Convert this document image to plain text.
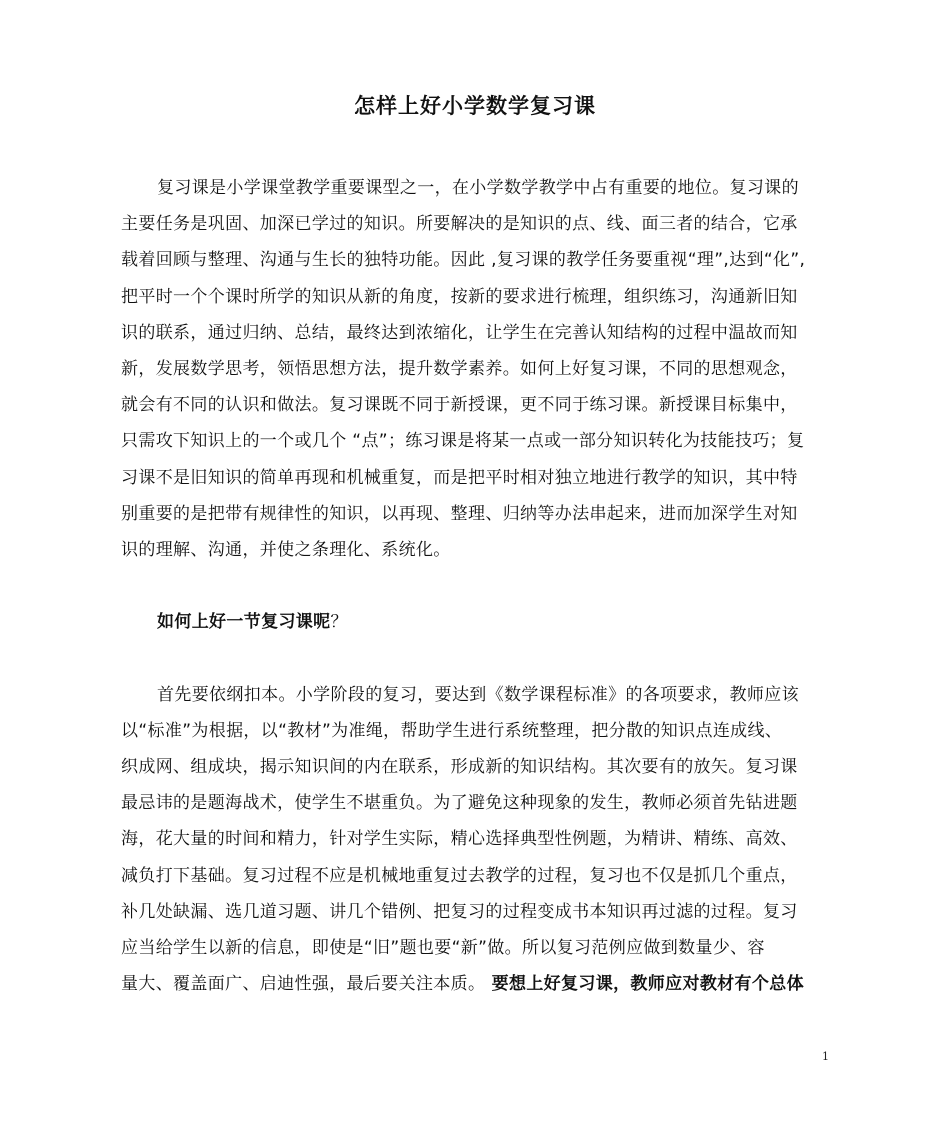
怎样上好小学数学复习课
复习课是小学课堂教学重要课型之一，在小学数学教学中占有重要的地位。复习课的
主要任务是巩固、加深已学过的知识。所要解决的是知识的点、线、面三者的结合，它承
载着回顾与整理、沟通与生长的独特功能。因此 ,复习课的教学任务要重视“理”,达到“化”,
把平时一个个课时所学的知识从新的角度，按新的要求进行梳理，组织练习，沟通新旧知
识的联系，通过归纳、总结，最终达到浓缩化，让学生在完善认知结构的过程中温故而知
新，发展数学思考，领悟思想方法，提升数学素养。如何上好复习课，不同的思想观念，
就会有不同的认识和做法。复习课既不同于新授课，更不同于练习课。新授课目标集中，
只需攻下知识上的一个或几个 “点”；练习课是将某一点或一部分知识转化为技能技巧；复
习课不是旧知识的简单再现和机械重复，而是把平时相对独立地进行教学的知识，其中特
别重要的是把带有规律性的知识，以再现、整理、归纳等办法串起来，进而加深学生对知
识的理解、沟通，并使之条理化、系统化。
如何上好一节复习课呢？
首先要依纲扣本。小学阶段的复习，要达到《数学课程标准》的各项要求，教师应该
以“标准”为根据，以“教材”为准绳，帮助学生进行系统整理，把分散的知识点连成线、
织成网、组成块，揭示知识间的内在联系，形成新的知识结构。其次要有的放矢。复习课
最忌讳的是题海战术，使学生不堪重负。为了避免这种现象的发生，教师必须首先钻进题
海，花大量的时间和精力，针对学生实际，精心选择典型性例题，为精讲、精练、高效、
减负打下基础。复习过程不应是机械地重复过去教学的过程，复习也不仅是抓几个重点，
补几处缺漏、选几道习题、讲几个错例、把复习的过程变成书本知识再过滤的过程。复习
应当给学生以新的信息，即使是“旧”题也要“新”做。所以复习范例应做到数量少、容
量大、覆盖面广、启迪性强，最后要关注本质。 要想上好复习课，教师应对教材有个总体
1
